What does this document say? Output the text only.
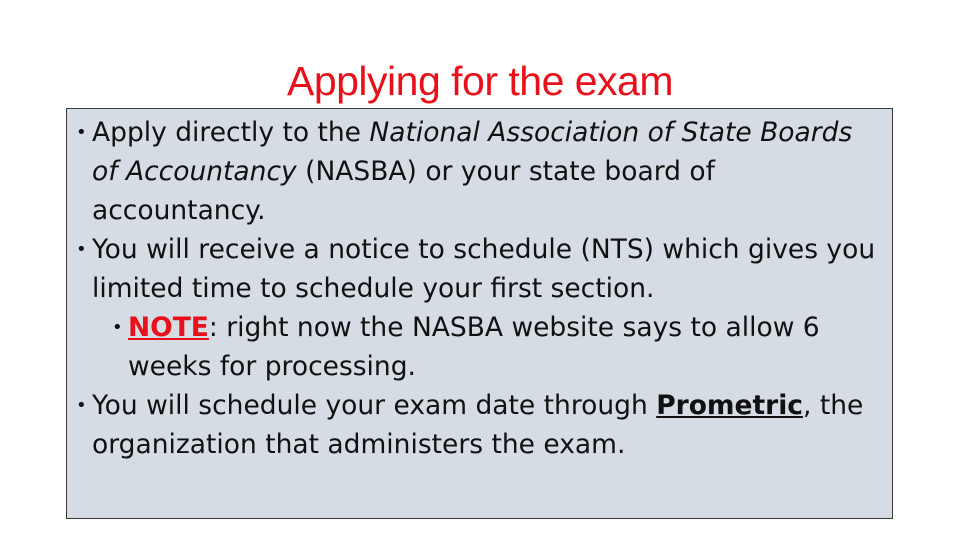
Applying for the exam
• Apply directly to the National Association of State Boards of Accountancy (NASBA) or your state board of accountancy.
• You will receive a notice to schedule (NTS) which gives you limited time to schedule your first section.
• NOTE: right now the NASBA website says to allow 6 weeks for processing.
• You will schedule your exam date through Prometric, the organization that administers the exam.
